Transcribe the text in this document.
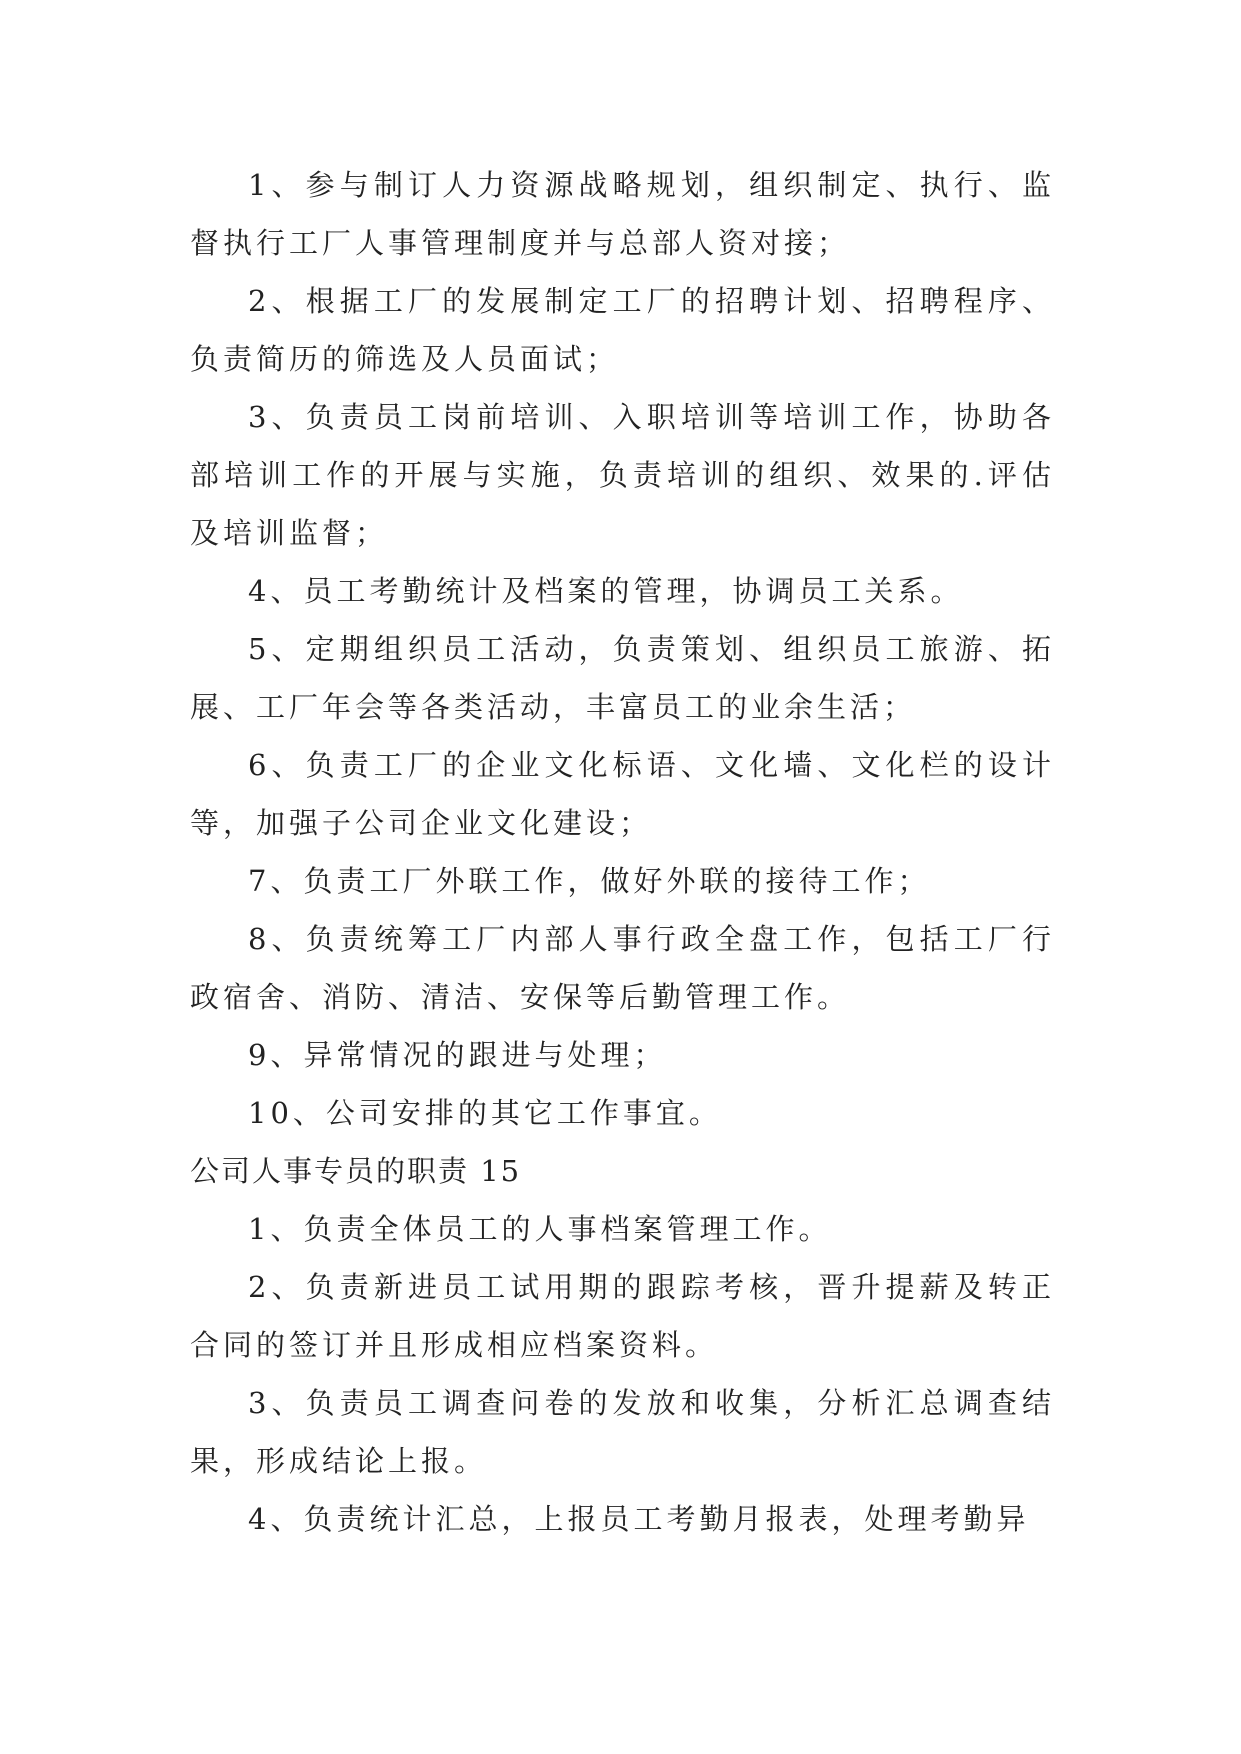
1、参与制订人力资源战略规划，组织制定、执行、监督执行工厂人事管理制度并与总部人资对接；

2、根据工厂的发展制定工厂的招聘计划、招聘程序、负责简历的筛选及人员面试；

3、负责员工岗前培训、入职培训等培训工作，协助各部培训工作的开展与实施，负责培训的组织、效果的.评估及培训监督；

4、员工考勤统计及档案的管理，协调员工关系。

5、定期组织员工活动，负责策划、组织员工旅游、拓展、工厂年会等各类活动，丰富员工的业余生活；

6、负责工厂的企业文化标语、文化墙、文化栏的设计等，加强子公司企业文化建设；

7、负责工厂外联工作，做好外联的接待工作；

8、负责统筹工厂内部人事行政全盘工作，包括工厂行政宿舍、消防、清洁、安保等后勤管理工作。

9、异常情况的跟进与处理；

10、公司安排的其它工作事宜。

公司人事专员的职责 15

1、负责全体员工的人事档案管理工作。

2、负责新进员工试用期的跟踪考核，晋升提薪及转正合同的签订并且形成相应档案资料。

3、负责员工调查问卷的发放和收集，分析汇总调查结果，形成结论上报。

4、负责统计汇总，上报员工考勤月报表，处理考勤异
